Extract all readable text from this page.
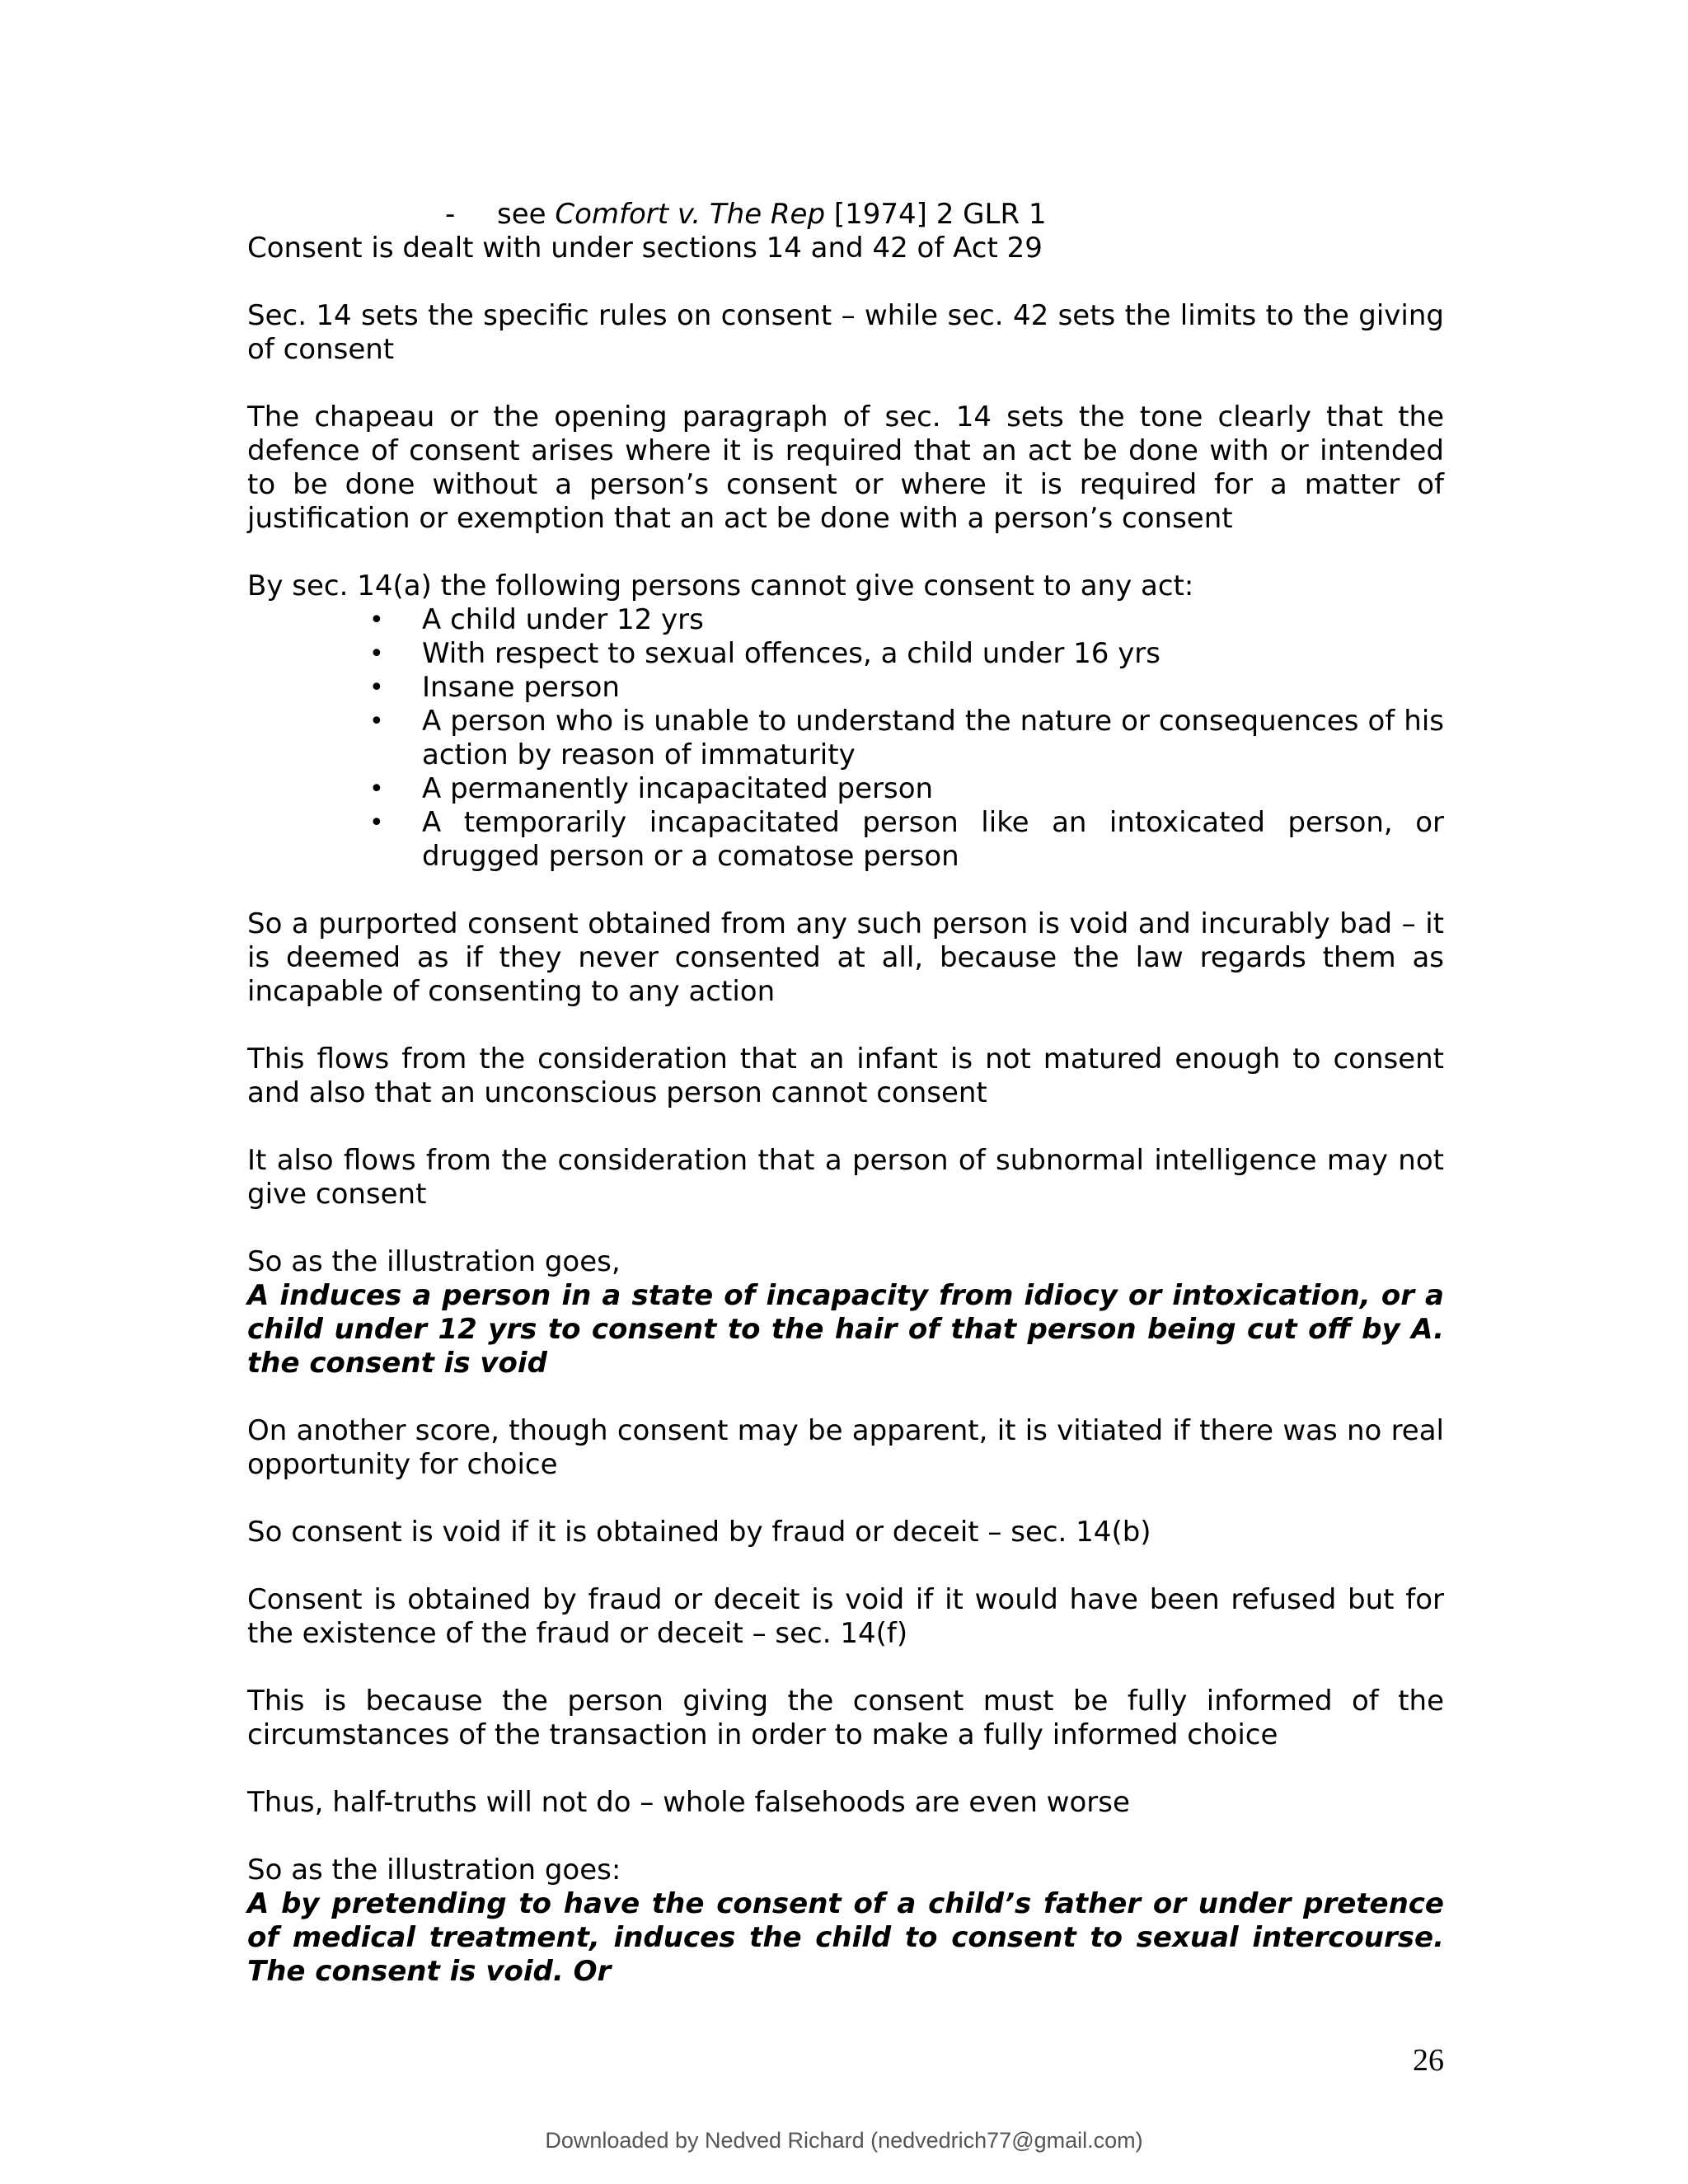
-	see Comfort v. The Rep [1974] 2 GLR 1

Consent is dealt with under sections 14 and 42 of Act 29

Sec. 14 sets the specific rules on consent – while sec. 42 sets the limits to the giving of consent

The chapeau or the opening paragraph of sec. 14 sets the tone clearly that the defence of consent arises where it is required that an act be done with or intended to be done without a person’s consent or where it is required for a matter of justification or exemption that an act be done with a person’s consent

By sec. 14(a) the following persons cannot give consent to any act:

• A child under 12 yrs
• With respect to sexual offences, a child under 16 yrs
• Insane person
• A person who is unable to understand the nature or consequences of his action by reason of immaturity
• A permanently incapacitated person
• A temporarily incapacitated person like an intoxicated person, or drugged person or a comatose person

So a purported consent obtained from any such person is void and incurably bad – it is deemed as if they never consented at all, because the law regards them as incapable of consenting to any action

This flows from the consideration that an infant is not matured enough to consent and also that an unconscious person cannot consent

It also flows from the consideration that a person of subnormal intelligence may not give consent

So as the illustration goes,

A induces a person in a state of incapacity from idiocy or intoxication, or a child under 12 yrs to consent to the hair of that person being cut off by A. the consent is void

On another score, though consent may be apparent, it is vitiated if there was no real opportunity for choice

So consent is void if it is obtained by fraud or deceit – sec. 14(b)

Consent is obtained by fraud or deceit is void if it would have been refused but for the existence of the fraud or deceit – sec. 14(f)

This is because the person giving the consent must be fully informed of the circumstances of the transaction in order to make a fully informed choice

Thus, half-truths will not do – whole falsehoods are even worse

So as the illustration goes:

A by pretending to have the consent of a child’s father or under pretence of medical treatment, induces the child to consent to sexual intercourse. The consent is void. Or

26
Downloaded by Nedved Richard (nedvedrich77@gmail.com)
